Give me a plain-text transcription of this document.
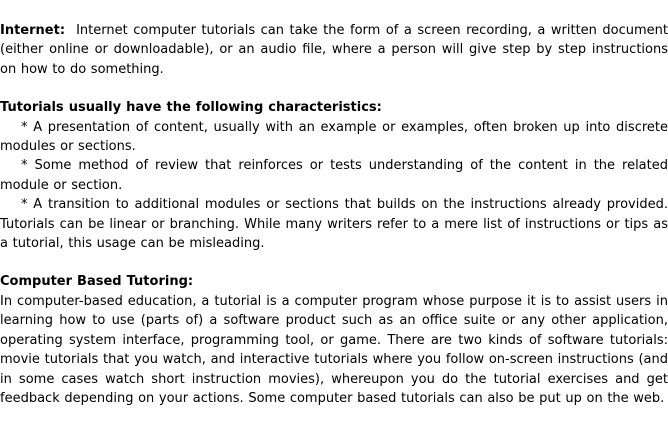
Internet: Internet computer tutorials can take the form of a screen recording, a written document (either online or downloadable), or an audio file, where a person will give step by step instructions on how to do something.

Tutorials usually have the following characteristics:

* A presentation of content, usually with an example or examples, often broken up into discrete modules or sections.

* Some method of review that reinforces or tests understanding of the content in the related module or section.

* A transition to additional modules or sections that builds on the instructions already provided. Tutorials can be linear or branching. While many writers refer to a mere list of instructions or tips as a tutorial, this usage can be misleading.

Computer Based Tutoring:

In computer-based education, a tutorial is a computer program whose purpose it is to assist users in learning how to use (parts of) a software product such as an office suite or any other application, operating system interface, programming tool, or game. There are two kinds of software tutorials: movie tutorials that you watch, and interactive tutorials where you follow on-screen instructions (and in some cases watch short instruction movies), whereupon you do the tutorial exercises and get feedback depending on your actions. Some computer based tutorials can also be put up on the web.
